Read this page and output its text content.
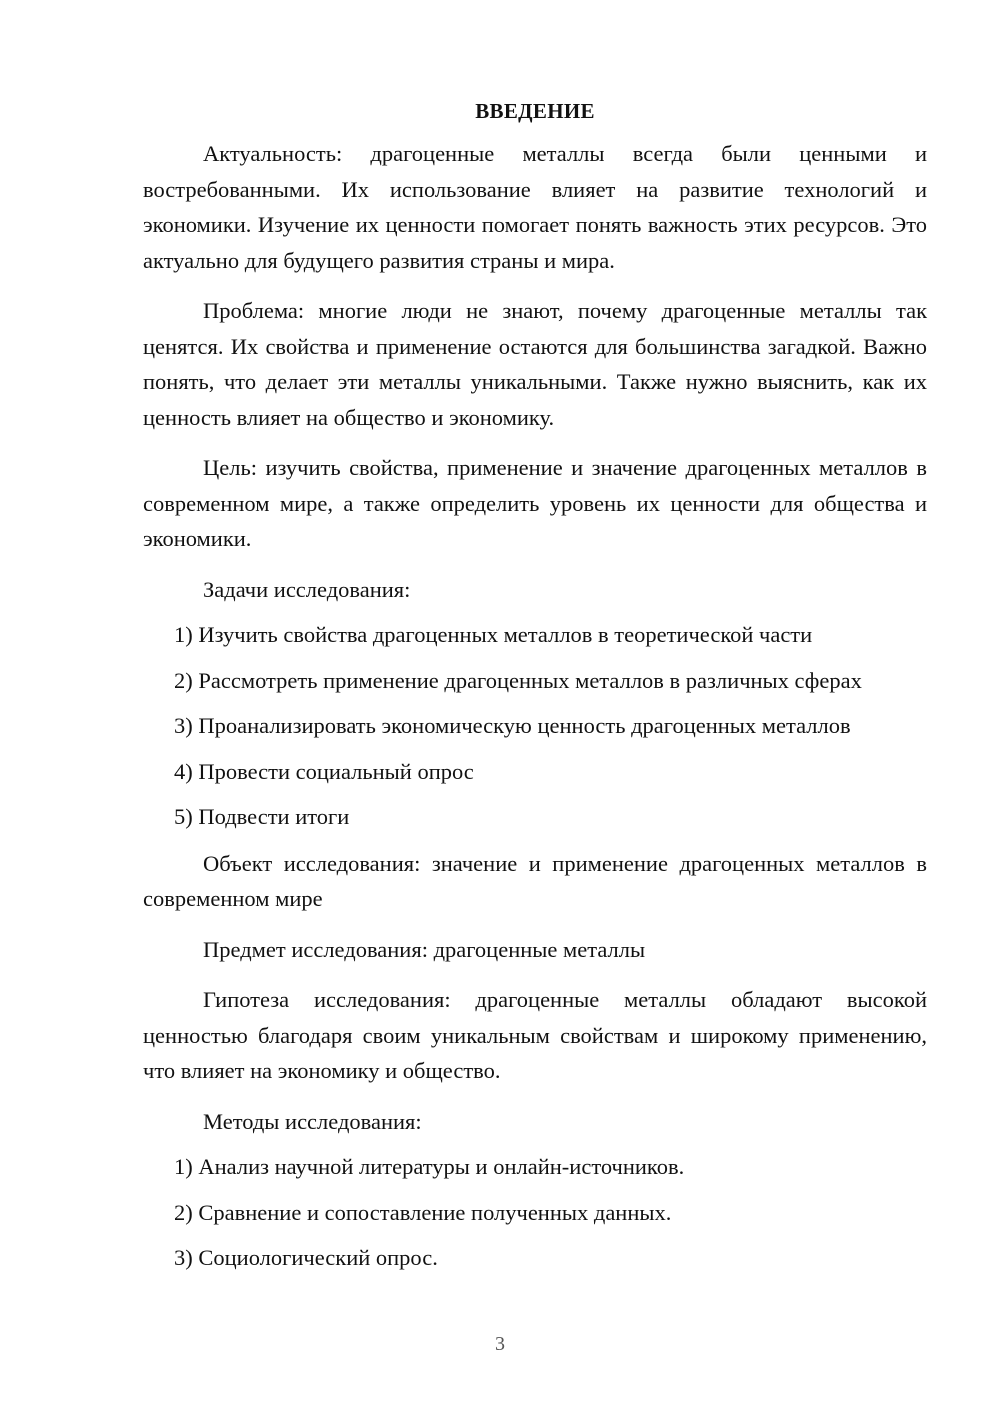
ВВЕДЕНИЕ

Актуальность: драгоценные металлы всегда были ценными и востребованными. Их использование влияет на развитие технологий и экономики. Изучение их ценности помогает понять важность этих ресурсов. Это актуально для будущего развития страны и мира.

Проблема: многие люди не знают, почему драгоценные металлы так ценятся. Их свойства и применение остаются для большинства загадкой. Важно понять, что делает эти металлы уникальными. Также нужно выяснить, как их ценность влияет на общество и экономику.

Цель: изучить свойства, применение и значение драгоценных металлов в современном мире, а также определить уровень их ценности для общества и экономики.

Задачи исследования:

1) Изучить свойства драгоценных металлов в теоретической части

2) Рассмотреть применение драгоценных металлов в различных сферах

3) Проанализировать экономическую ценность драгоценных металлов

4) Провести социальный опрос

5) Подвести итоги

Объект исследования: значение и применение драгоценных металлов в современном мире

Предмет исследования: драгоценные металлы

Гипотеза исследования: драгоценные металлы обладают высокой ценностью благодаря своим уникальным свойствам и широкому применению, что влияет на экономику и общество.

Методы исследования:

1) Анализ научной литературы и онлайн-источников.

2) Сравнение и сопоставление полученных данных.

3) Социологический опрос.

3
